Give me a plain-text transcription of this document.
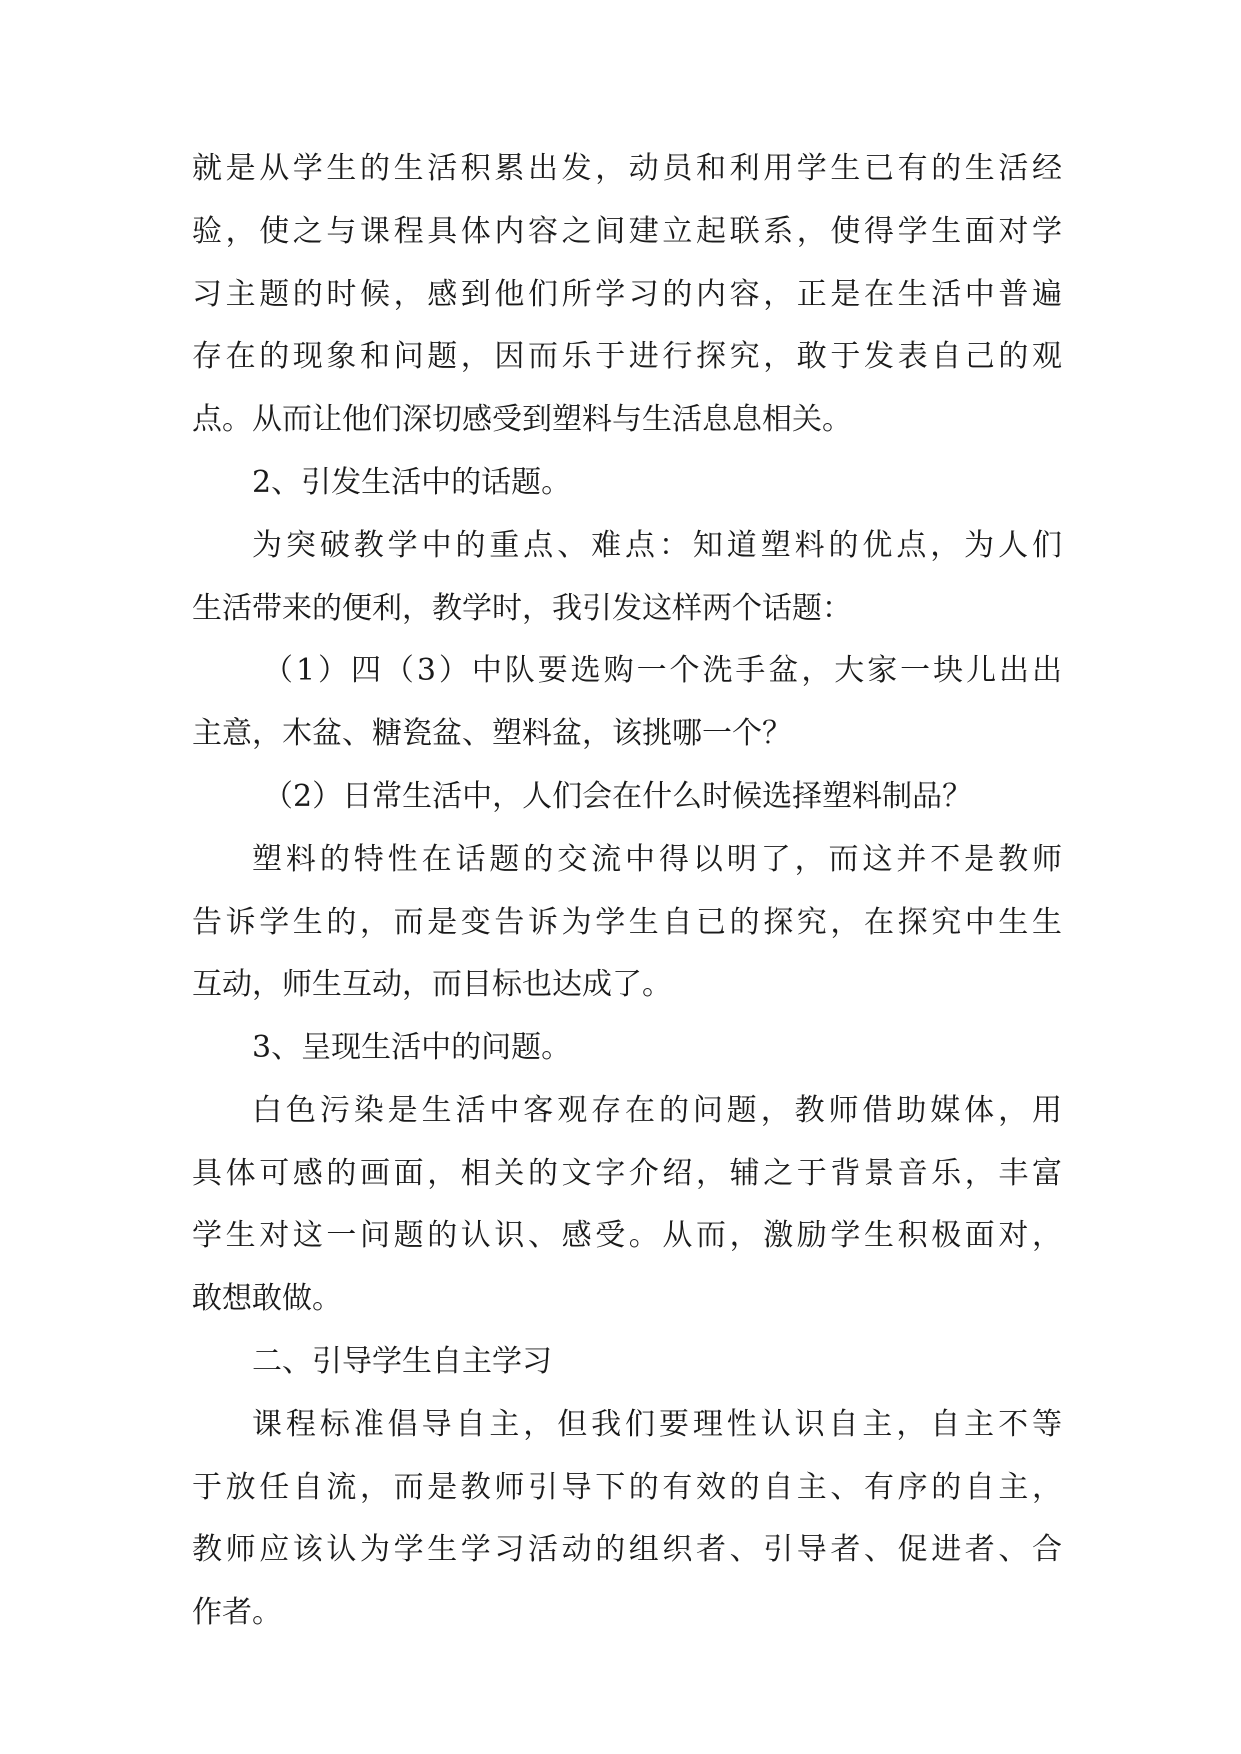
就是从学生的生活积累出发，动员和利用学生已有的生活经
验，使之与课程具体内容之间建立起联系，使得学生面对学
习主题的时候，感到他们所学习的内容，正是在生活中普遍
存在的现象和问题，因而乐于进行探究，敢于发表自己的观
点。从而让他们深切感受到塑料与生活息息相关。
2、引发生活中的话题。
为突破教学中的重点、难点：知道塑料的优点，为人们
生活带来的便利，教学时，我引发这样两个话题：
（1）四（3）中队要选购一个洗手盆，大家一块儿出出
主意，木盆、糖瓷盆、塑料盆，该挑哪一个？
（2）日常生活中，人们会在什么时候选择塑料制品？
塑料的特性在话题的交流中得以明了，而这并不是教师
告诉学生的，而是变告诉为学生自已的探究，在探究中生生
互动，师生互动，而目标也达成了。
3、呈现生活中的问题。
白色污染是生活中客观存在的问题，教师借助媒体，用
具体可感的画面，相关的文字介绍，辅之于背景音乐，丰富
学生对这一问题的认识、感受。从而，激励学生积极面对，
敢想敢做。
二、引导学生自主学习
课程标准倡导自主，但我们要理性认识自主，自主不等
于放任自流，而是教师引导下的有效的自主、有序的自主，
教师应该认为学生学习活动的组织者、引导者、促进者、合
作者。
